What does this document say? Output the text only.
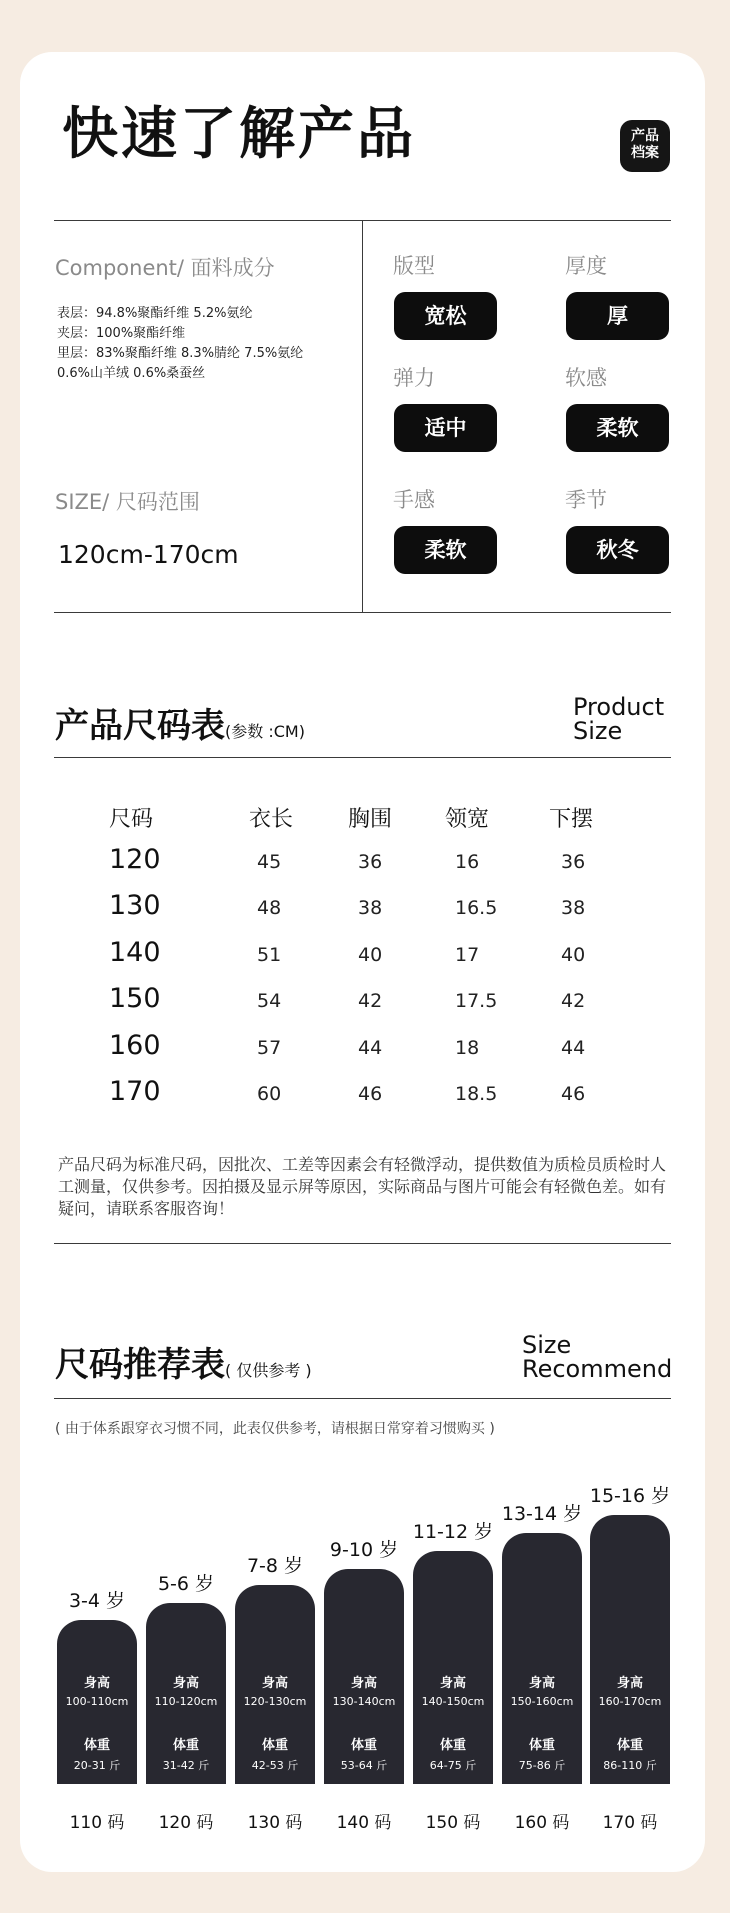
快速了解产品	产品
档案
Component/ 面料成分
表层：94.8%聚酯纤维 5.2%氨纶
夹层：100%聚酯纤维
里层：83%聚酯纤维 8.3%腈纶 7.5%氨纶
0.6%山羊绒 0.6%桑蚕丝
SIZE/ 尺码范围
120cm-170cm
版型
宽松
厚度
厚
弹力
适中
软感
柔软
手感
柔软
季节
秋冬
产品尺码表(参数 :CM)
Product
Size
尺码	衣长 胸围 领宽	下摆
120	45	36	16	36
130	48	38	16.5	38
140	51	40	17	40
150	54	42	17.5	42
160	57	44	18	44
170	60	46	18.5	46
产品尺码为标准尺码，因批次、工差等因素会有轻微浮动，提供数值为质检员质检时人工测量，仅供参考。因拍摄及显示屏等原因，实际商品与图片可能会有轻微色差。如有疑问，请联系客服咨询！
尺码推荐表( 仅供参考 )
Size
Recommend
( 由于体系跟穿衣习惯不同，此表仅供参考，请根据日常穿着习惯购买 )
3-4 岁
身高
100-110cm
体重
20-31 斤
110 码
5-6 岁
身高
110-120cm
体重
31-42 斤
120 码
7-8 岁
身高
120-130cm
体重
42-53 斤
130 码
9-10 岁
身高
130-140cm
体重
53-64 斤
140 码
11-12 岁
身高
140-150cm
体重
64-75 斤
150 码
13-14 岁
身高
150-160cm
体重
75-86 斤
160 码
15-16 岁
身高
160-170cm
体重
86-110 斤
170 码
